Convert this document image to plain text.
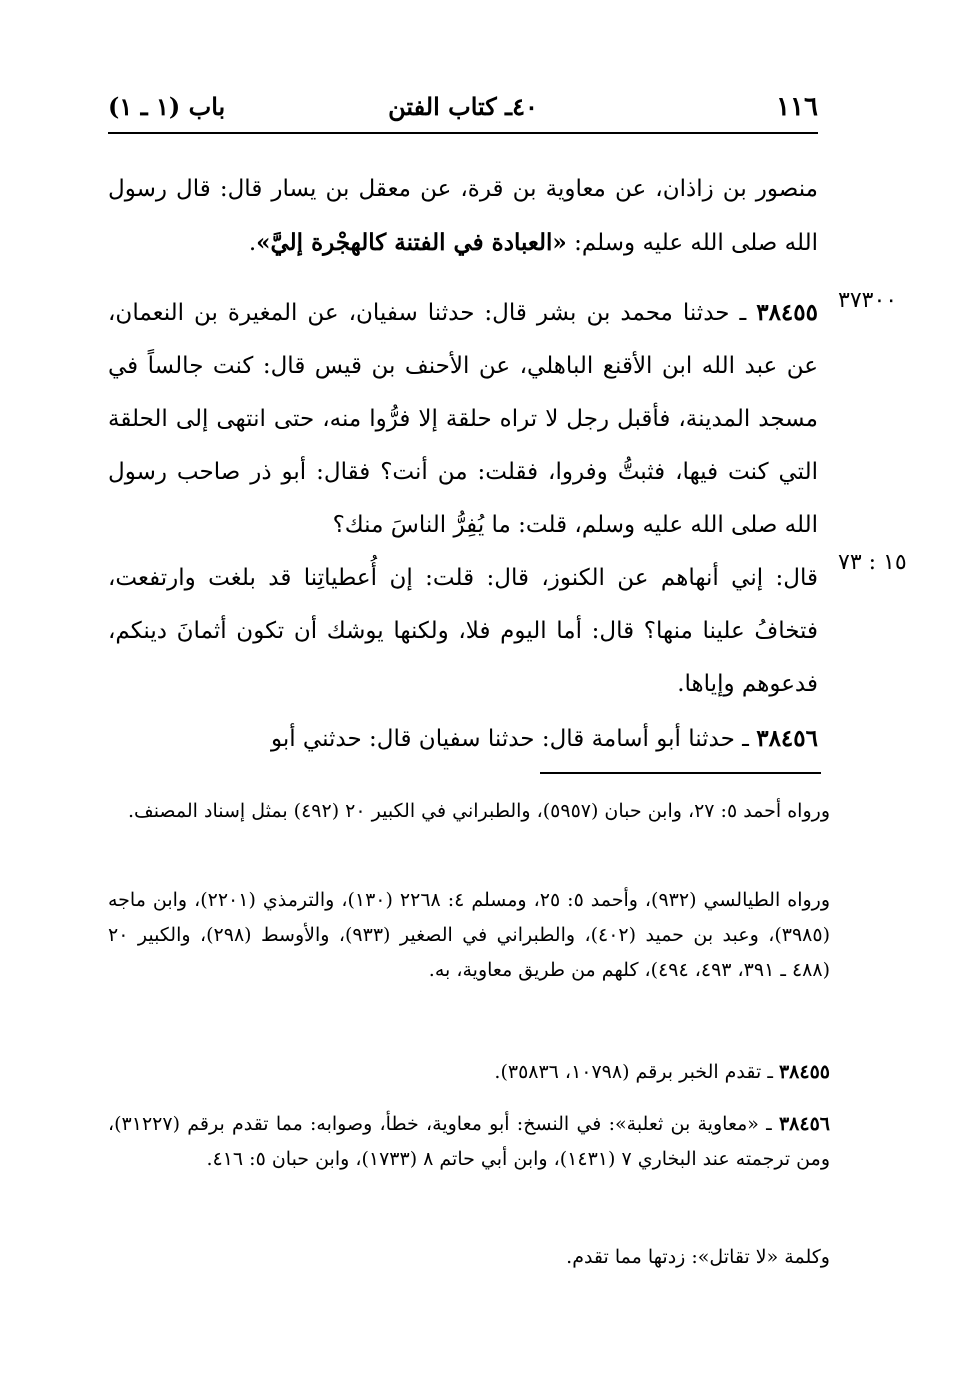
١١٦
٤٠ـ كتاب الفتن
باب (١ ـ ١)

منصور بن زاذان، عن معاوية بن قرة، عن معقل بن يسار قال: قال رسول الله صلى الله عليه وسلم: «العبادة في الفتنة كالهجْرة إليَّ».

٣٧٣٠٠

٣٨٤٥٥ ـ حدثنا محمد بن بشر قال: حدثنا سفيان، عن المغيرة بن النعمان، عن عبد الله ابن الأقنع الباهلي، عن الأحنف بن قيس قال: كنت جالساً في مسجد المدينة، فأقبل رجل لا تراه حلقة إلا فرُّوا منه، حتى انتهى إلى الحلقة التي كنت فيها، فثبتُّ وفروا، فقلت: من أنت؟ فقال: أبو ذر صاحب رسول الله صلى الله عليه وسلم، قلت: ما يُفِرُّ الناسَ منك؟

قال: إني أنهاهم عن الكنوز، قال: قلت: إن أُعطياتِنا قد بلغت وارتفعت، فتخافُ علينا منها؟ قال: أما اليوم فلا، ولكنها يوشك أن تكون أثمانَ دينكم، فدعوهم وإياها.

١٥ : ٧٣

٣٨٤٥٦ ـ حدثنا أبو أسامة قال: حدثنا سفيان قال: حدثني أبو

ورواه أحمد ٥: ٢٧، وابن حبان (٥٩٥٧)، والطبراني في الكبير ٢٠ (٤٩٢) بمثل إسناد المصنف.

ورواه الطيالسي (٩٣٢)، وأحمد ٥: ٢٥، ومسلم ٤: ٢٢٦٨ (١٣٠)، والترمذي (٢٢٠١)، وابن ماجه (٣٩٨٥)، وعبد بن حميد (٤٠٢)، والطبراني في الصغير (٩٣٣)، والأوسط (٢٩٨)، والكبير ٢٠ (٤٨٨ ـ ٣٩١، ٤٩٣، ٤٩٤)، كلهم من طريق معاوية، به.

٣٨٤٥٥ ـ تقدم الخبر برقم (١٠٧٩٨، ٣٥٨٣٦).

٣٨٤٥٦ ـ «معاوية بن ثعلبة»: في النسخ: أبو معاوية، خطأ، وصوابه: مما تقدم برقم (٣١٢٢٧)، ومن ترجمته عند البخاري ٧ (١٤٣١)، وابن أبي حاتم ٨ (١٧٣٣)، وابن حبان ٥: ٤١٦.

وكلمة «لا تقاتل»: زدتها مما تقدم.
